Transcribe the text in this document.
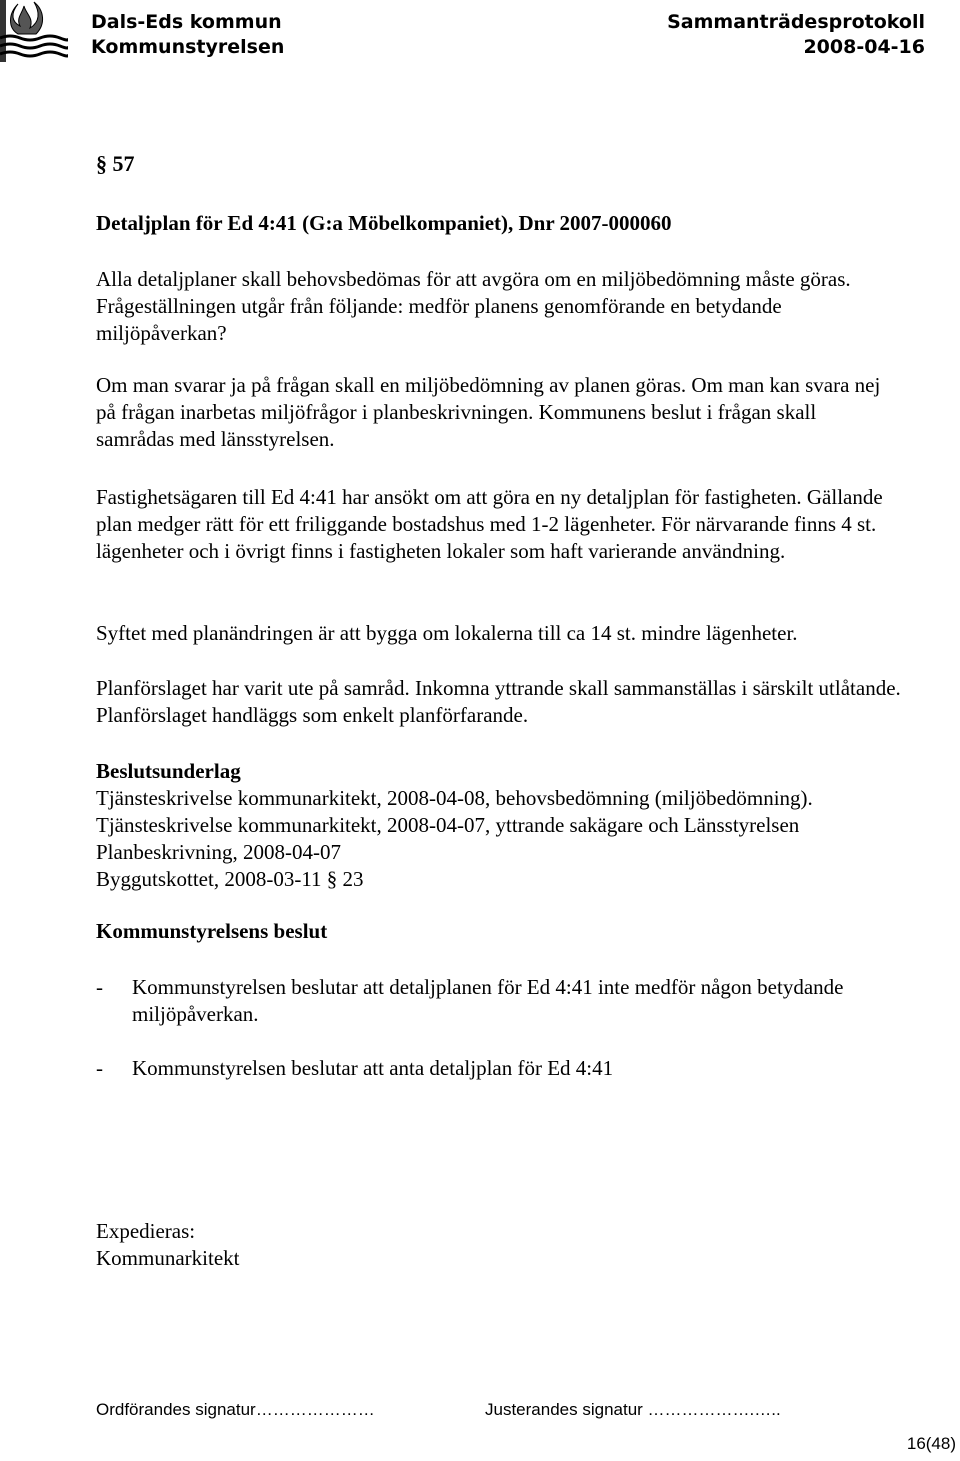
Dals-Eds kommun
Kommunstyrelsen
Sammanträdesprotokoll
2008-04-16
§ 57
Detaljplan för Ed 4:41 (G:a Möbelkompaniet), Dnr 2007-000060
Alla detaljplaner skall behovsbedömas för att avgöra om en miljöbedömning måste göras. Frågeställningen utgår från följande: medför planens genomförande en betydande miljöpåverkan?
Om man svarar ja på frågan skall en miljöbedömning av planen göras. Om man kan svara nej på frågan inarbetas miljöfrågor i planbeskrivningen. Kommunens beslut i frågan skall samrådas med länsstyrelsen.
Fastighetsägaren till Ed 4:41 har ansökt om att göra en ny detaljplan för fastigheten. Gällande plan medger rätt för ett friliggande bostadshus med 1-2 lägenheter. För närvarande finns 4 st. lägenheter och i övrigt finns i fastigheten lokaler som haft varierande användning.
Syftet med planändringen är att bygga om lokalerna till ca 14 st. mindre lägenheter.
Planförslaget har varit ute på samråd. Inkomna yttrande skall sammanställas i särskilt utlåtande. Planförslaget handläggs som enkelt planförfarande.
Beslutsunderlag
Tjänsteskrivelse kommunarkitekt, 2008-04-08, behovsbedömning (miljöbedömning).
Tjänsteskrivelse kommunarkitekt, 2008-04-07, yttrande sakägare och Länsstyrelsen
Planbeskrivning, 2008-04-07
Byggutskottet, 2008-03-11 § 23
Kommunstyrelsens beslut
- Kommunstyrelsen beslutar att detaljplanen för Ed 4:41 inte medför någon betydande miljöpåverkan.
- Kommunstyrelsen beslutar att anta detaljplan för Ed 4:41
Expedieras:
Kommunarkitekt
Ordförandes signatur…………………	Justerandes signatur ……………….…..
16(48)
